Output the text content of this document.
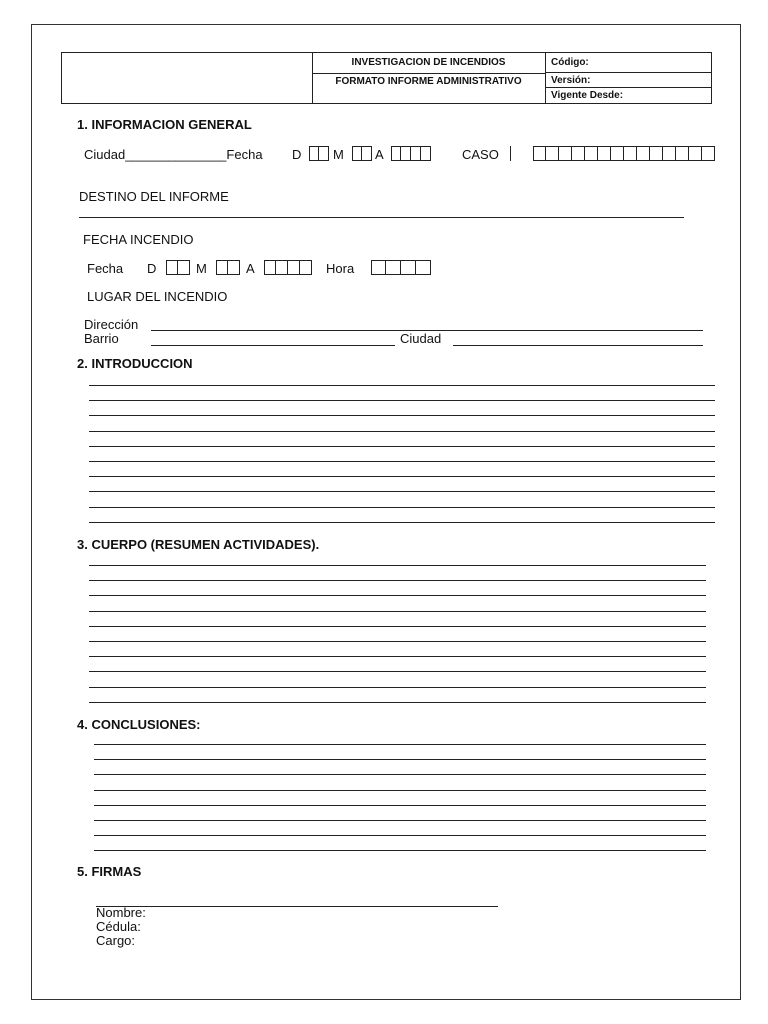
INVESTIGACION DE INCENDIOS
FORMATO INFORME ADMINISTRATIVO
Código:
Versión:
Vigente Desde:
1. INFORMACION GENERAL
Ciudad______________Fecha D M A	CASO
DESTINO DEL INFORME
FECHA INCENDIO
Fecha D	M	A	Hora
LUGAR DEL INCENDIO
Dirección
Barrio	Ciudad
2. INTRODUCCION
3. CUERPO (RESUMEN ACTIVIDADES).
4. CONCLUSIONES:
5. FIRMAS
Nombre:
Cédula:
Cargo:
